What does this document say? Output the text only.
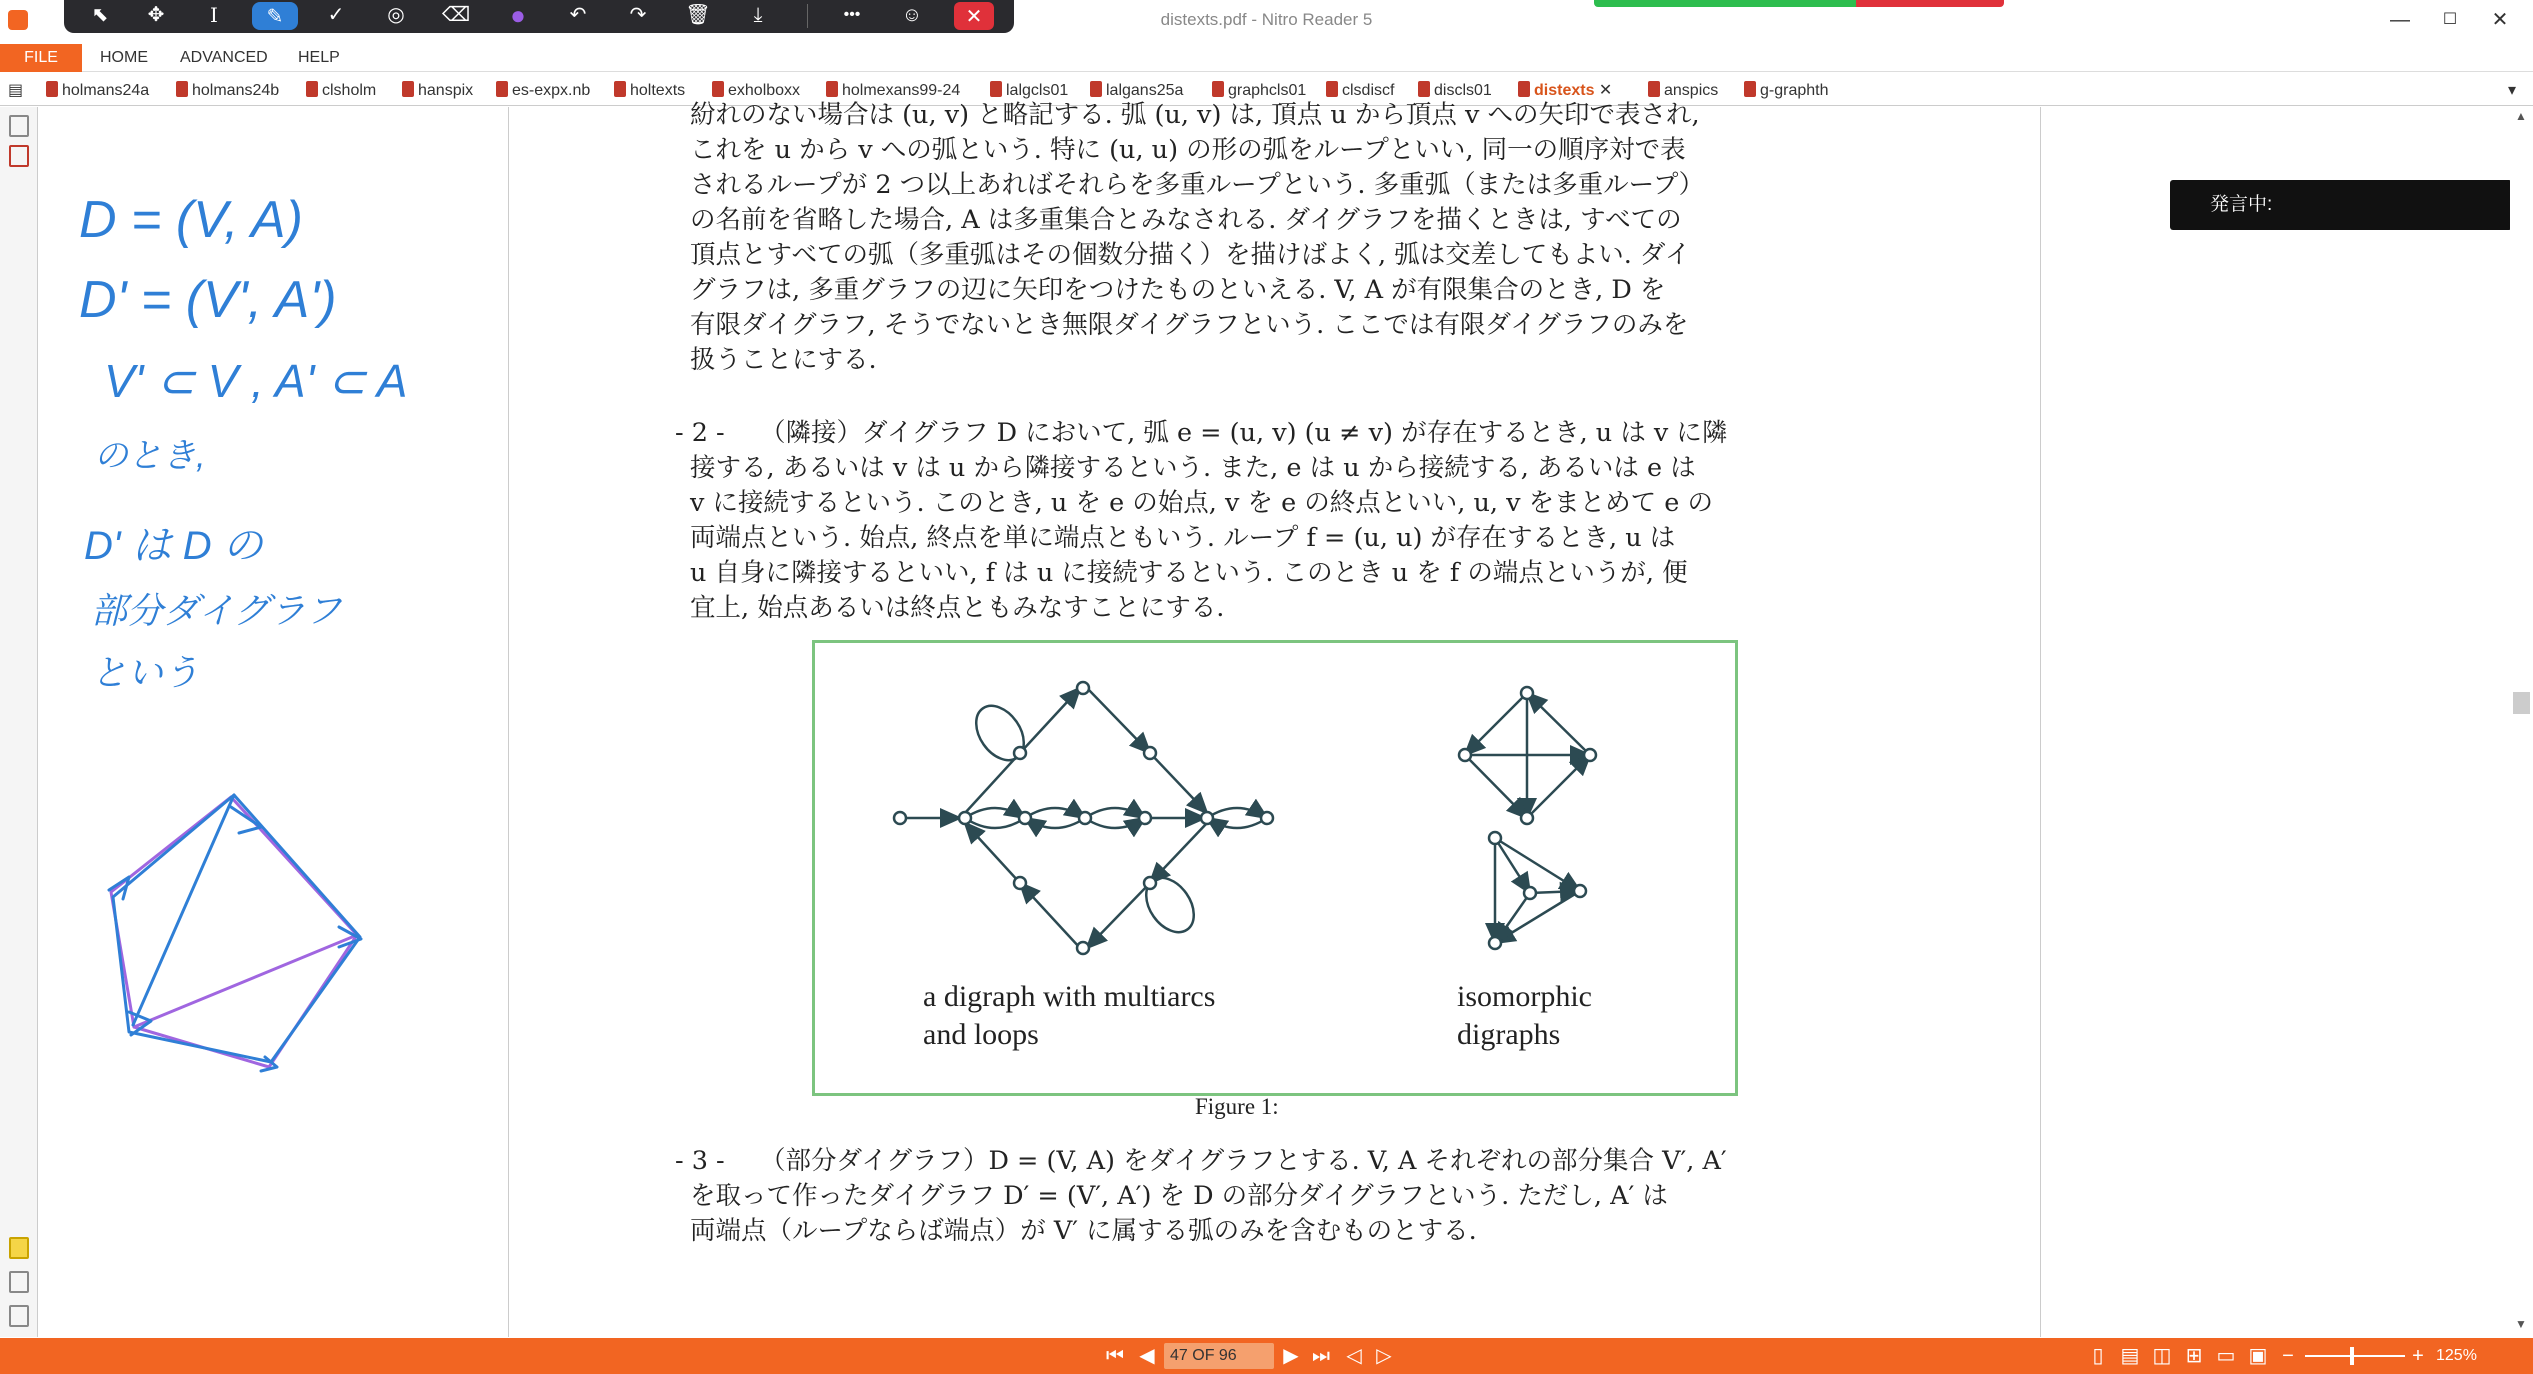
distexts.pdf - Nitro Reader 5	—	☐	✕
⬉	✥	I	✎	✓	◎	⌫	●	↶	↷	🗑	⤓	•••	☺	✕
FILE	HOME ADVANCED HELP
▤	holmans24a	holmans24b	clsholm	hanspix	es-expx.nb	holtexts	exholboxx	holmexans99-24	lalgcls01	lalgans25a	graphcls01	clsdiscf	discls01	distexts ✕	anspics	g-graphth	▾
D = (V, A)
D' = (V', A')
V' ⊂ V , A' ⊂ A
のとき,
D' は D の
部分ダイグラフ
という
紛れのない場合は (u, v) と略記する. 弧 (u, v) は, 頂点 u から頂点 v への矢印で表され,
これを u から v への弧という. 特に (u, u) の形の弧をループといい, 同一の順序対で表
されるループが 2 つ以上あればそれらを多重ループという. 多重弧（または多重ループ）
の名前を省略した場合, A は多重集合とみなされる. ダイグラフを描くときは, すべての
頂点とすべての弧（多重弧はその個数分描く）を描けばよく, 弧は交差してもよい. ダイ
グラフは, 多重グラフの辺に矢印をつけたものといえる. V, A が有限集合のとき, D を
有限ダイグラフ, そうでないとき無限ダイグラフという. ここでは有限ダイグラフのみを
扱うことにする.
- 2 - （隣接）ダイグラフ D において, 弧 e = (u, v) (u ≠ v) が存在するとき, u は v に隣
接する, あるいは v は u から隣接するという. また, e は u から接続する, あるいは e は
v に接続するという. このとき, u を e の始点, v を e の終点といい, u, v をまとめて e の
両端点という. 始点, 終点を単に端点ともいう. ループ f = (u, u) が存在するとき, u は
u 自身に隣接するといい, f は u に接続するという. このとき u を f の端点というが, 便
宜上, 始点あるいは終点ともみなすことにする.
a digraph with multiarcs
and loops
isomorphic
digraphs
Figure 1:
- 3 - （部分ダイグラフ）D = (V, A) をダイグラフとする. V, A それぞれの部分集合 V′, A′
を取って作ったダイグラフ D′ = (V′, A′) を D の部分ダイグラフという. ただし, A′ は
両端点（ループならば端点）が V′ に属する弧のみを含むものとする.
発言中:
▲
▼
⏮ ◀ 47 OF 96 ▶ ⏭ ◁ ▷	▯ ▤ ◫ ⊞ ▭ ▣ −	+ 125%
